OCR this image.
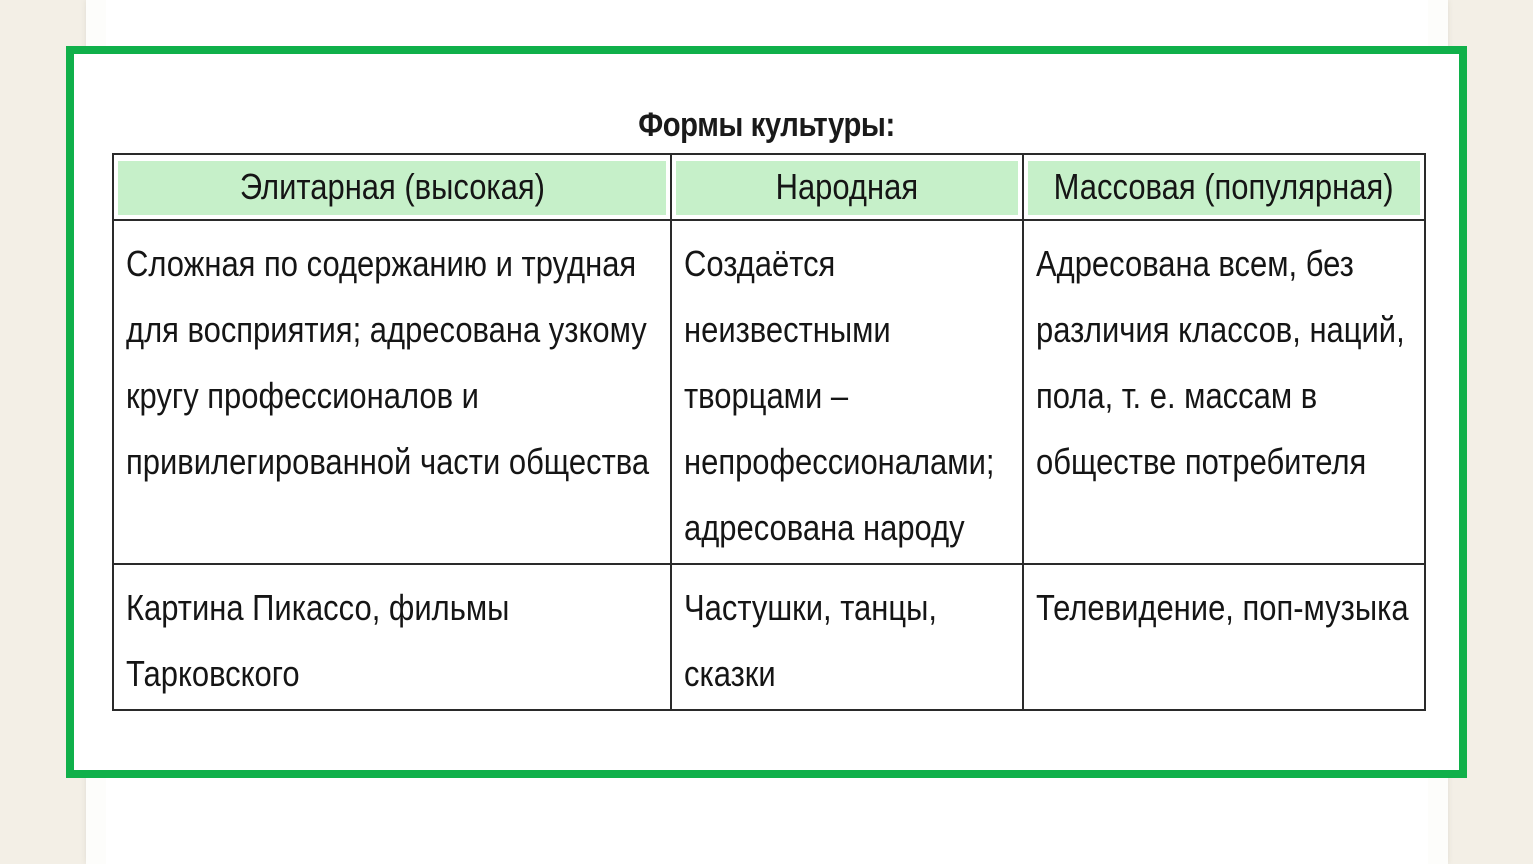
Формы культуры:
Элитарная (высокая)	Народная	Массовая (популярная)

Сложная по содержанию и трудная для восприятия; адресована узкому кругу профессионалов и привилегированной части общества	Создаётся неизвестными творцами – непрофессионалами; адресована народу	Адресована всем, без различия классов, наций, пола, т. е. массам в обществе потребителя

Картина Пикассо, фильмы Тарковского	Частушки, танцы, сказки	Телевидение, поп-музыка
